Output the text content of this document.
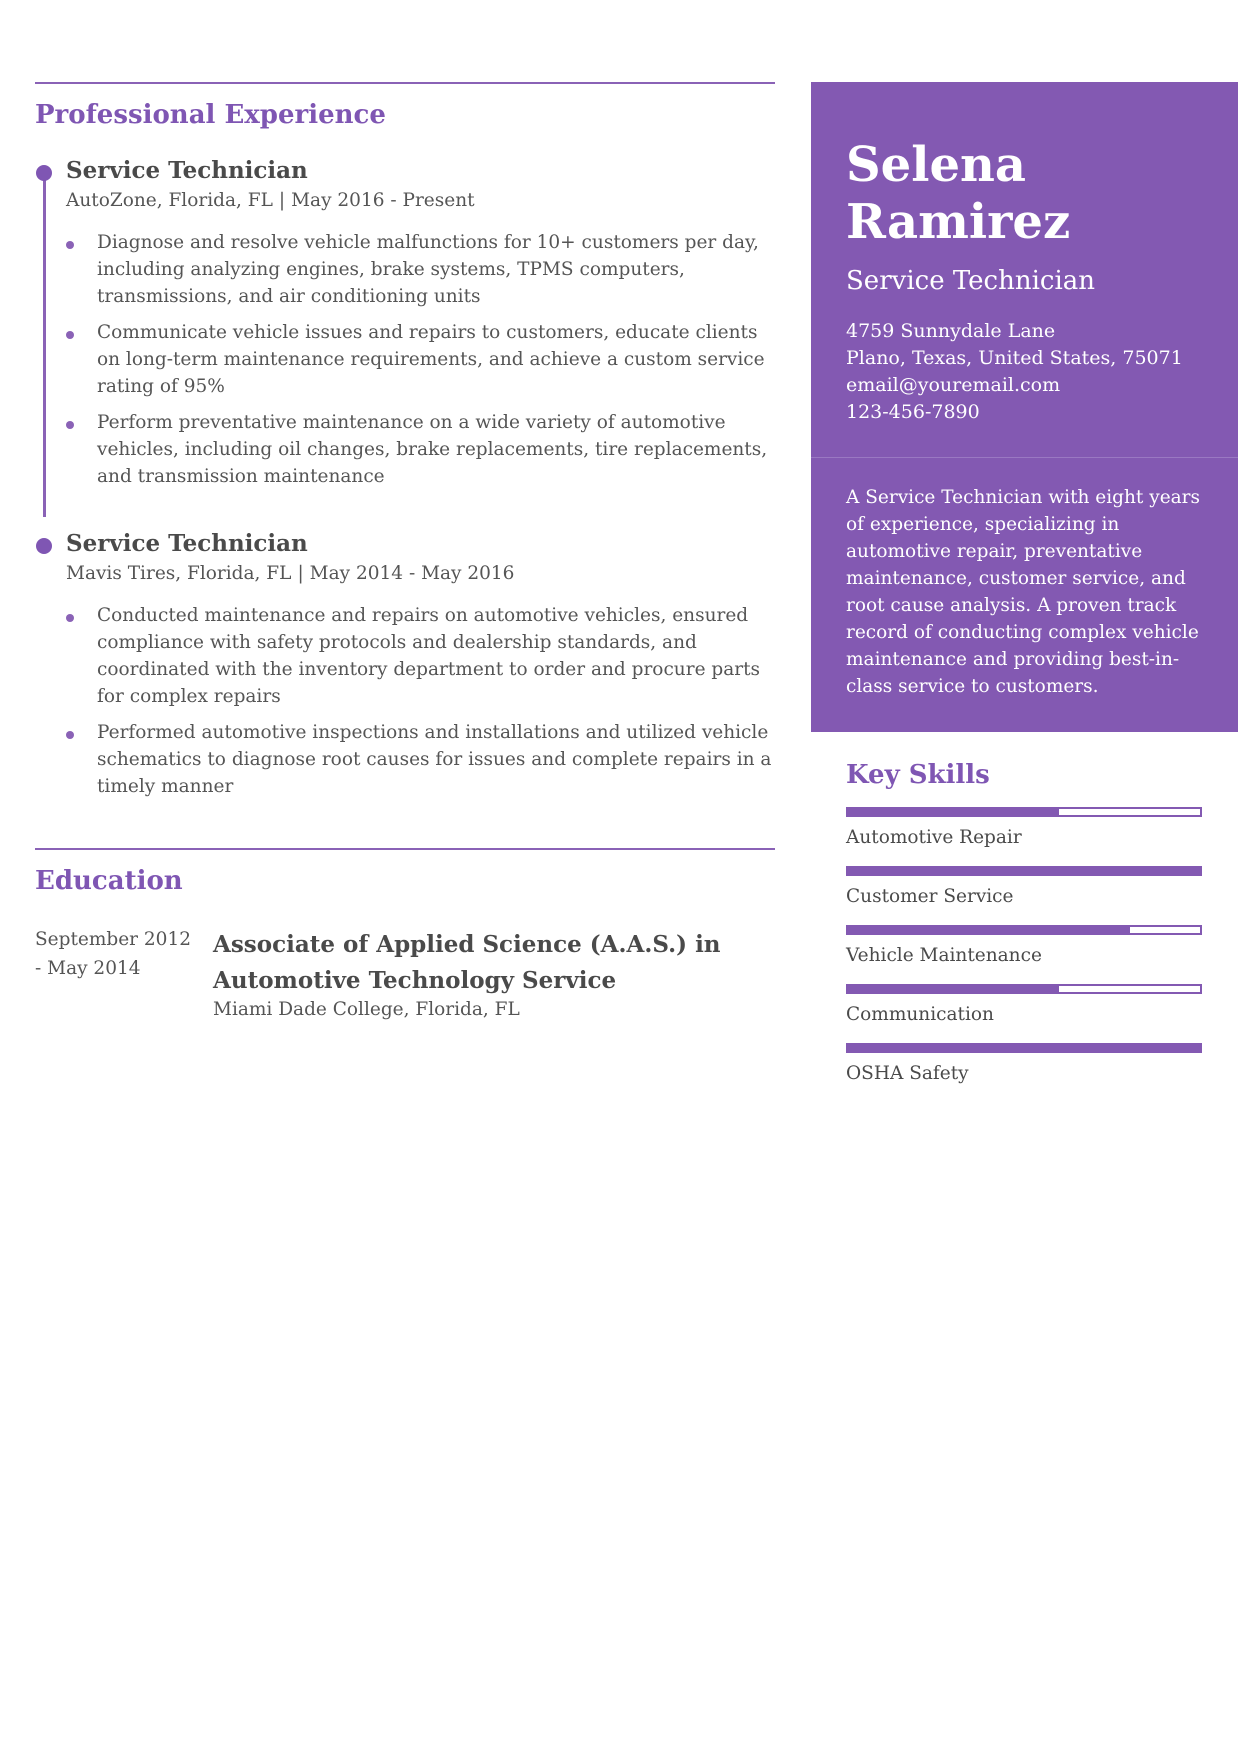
Professional Experience
Service Technician
AutoZone, Florida, FL | May 2016 - Present
Diagnose and resolve vehicle malfunctions for 10+ customers per day, including analyzing engines, brake systems, TPMS computers, transmissions, and air conditioning units
Communicate vehicle issues and repairs to customers, educate clients on long-term maintenance requirements, and achieve a custom service rating of 95%
Perform preventative maintenance on a wide variety of automotive vehicles, including oil changes, brake replacements, tire replacements, and transmission maintenance
Service Technician
Mavis Tires, Florida, FL | May 2014 - May 2016
Conducted maintenance and repairs on automotive vehicles, ensured compliance with safety protocols and dealership standards, and coordinated with the inventory department to order and procure parts for complex repairs
Performed automotive inspections and installations and utilized vehicle schematics to diagnose root causes for issues and complete repairs in a timely manner
Education
September 2012
- May 2014
Associate of Applied Science (A.A.S.) in
Automotive Technology Service
Miami Dade College, Florida, FL
Selena
Ramirez
Service Technician
4759 Sunnydale Lane
Plano, Texas, United States, 75071
email@youremail.com
123-456-7890
A Service Technician with eight years of experience, specializing in automotive repair, preventative maintenance, customer service, and root cause analysis. A proven track record of conducting complex vehicle maintenance and providing best-in-class service to customers.
Key Skills
Automotive Repair
Customer Service
Vehicle Maintenance
Communication
OSHA Safety
